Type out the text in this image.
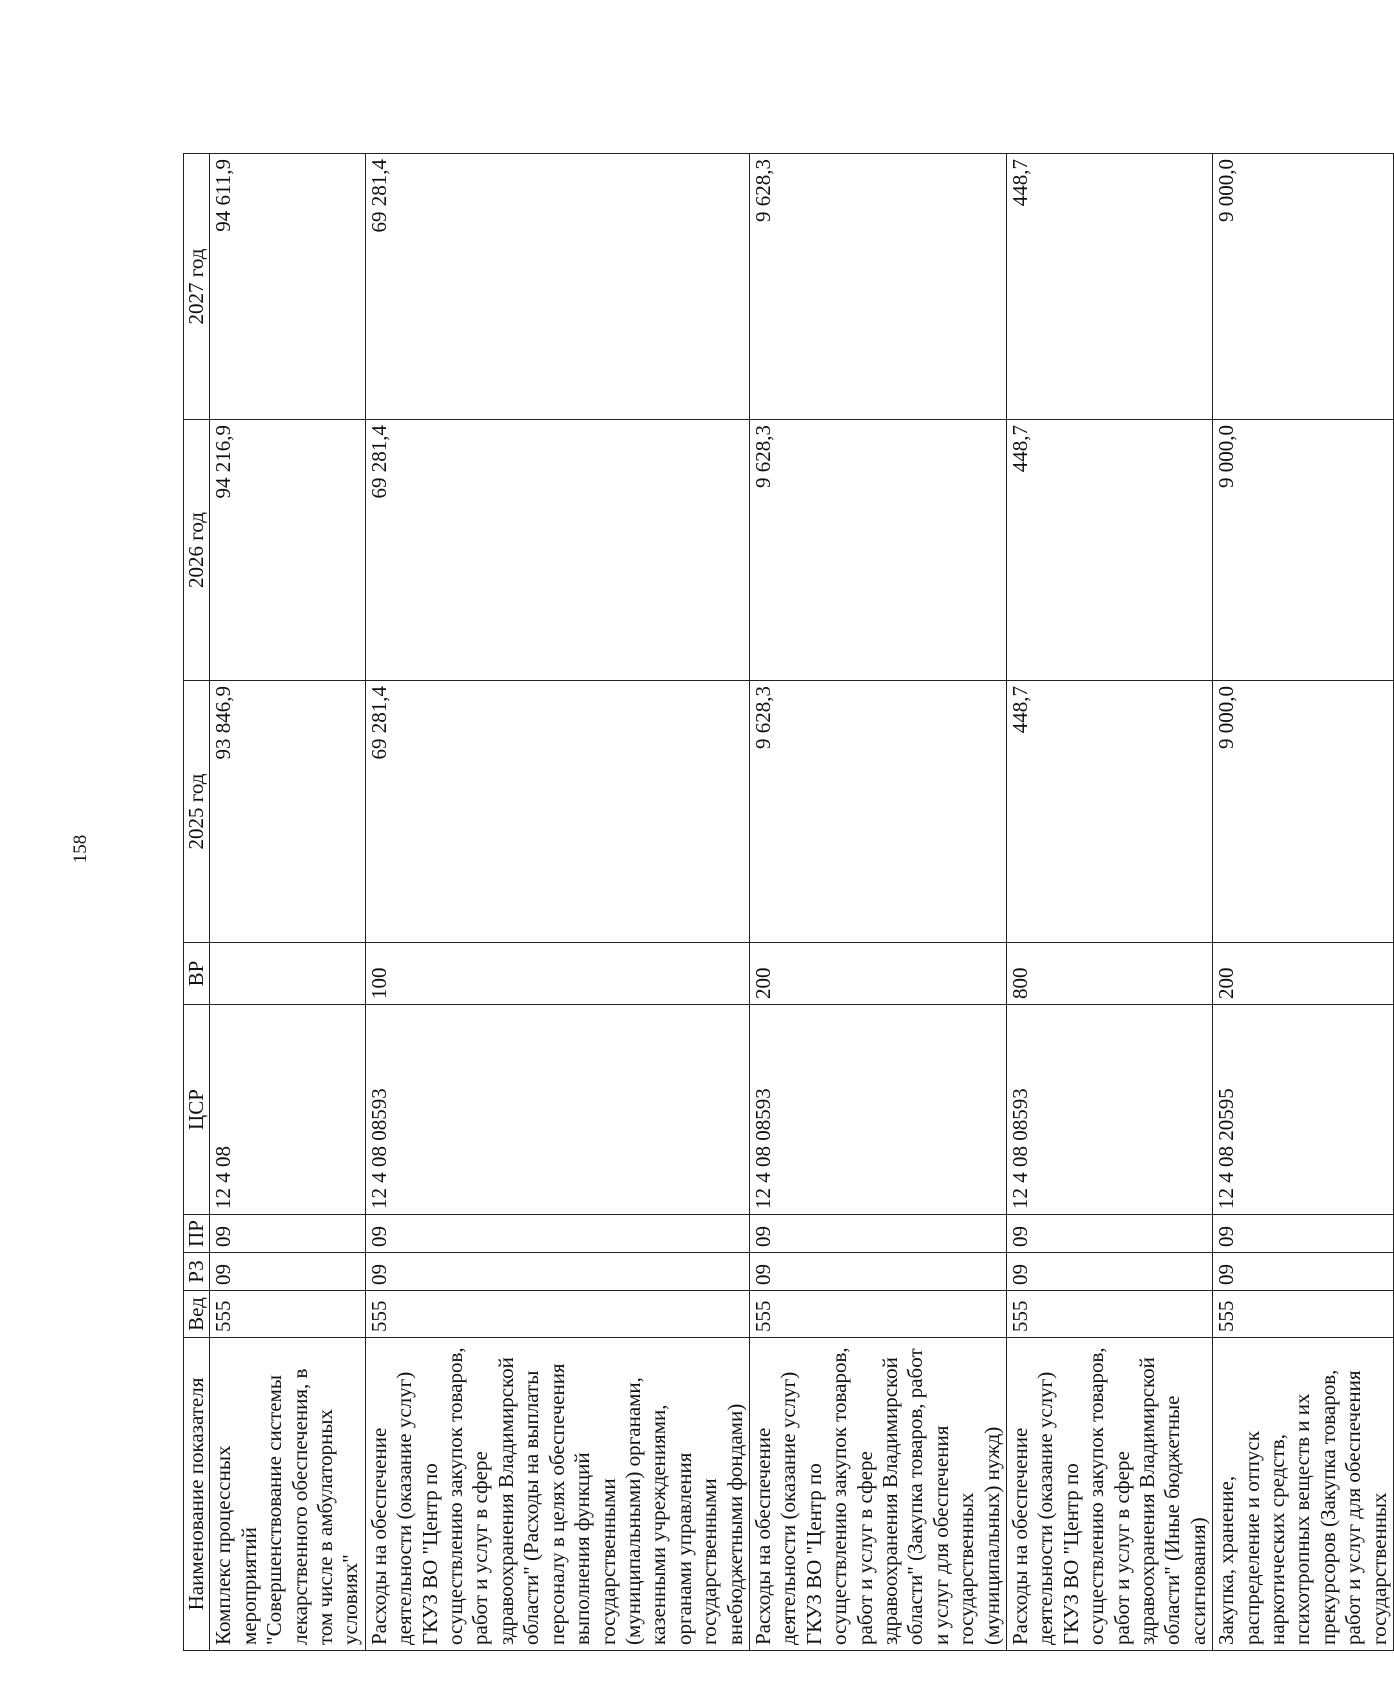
158
Наименование показателя	Вед	РЗ	ПР	ЦСР	ВР	2025 год	2026 год	2027 год
Комплекс процессных мероприятий "Совершенствование системы лекарственного обеспечения, в том числе в амбулаторных условиях"	555	09	09	12 4 08		93 846,9	94 216,9	94 611,9
Расходы на обеспечение деятельности (оказание услуг) ГКУЗ ВО "Центр по осуществлению закупок товаров, работ и услуг в сфере здравоохранения Владимирской области" (Расходы на выплаты персоналу в целях обеспечения выполнения функций государственными (муниципальными) органами, казенными учреждениями, органами управления государственными внебюджетными фондами)	555	09	09	12 4 08 08593	100	69 281,4	69 281,4	69 281,4
Расходы на обеспечение деятельности (оказание услуг) ГКУЗ ВО "Центр по осуществлению закупок товаров, работ и услуг в сфере здравоохранения Владимирской области" (Закупка товаров, работ и услуг для обеспечения государственных (муниципальных) нужд)	555	09	09	12 4 08 08593	200	9 628,3	9 628,3	9 628,3
Расходы на обеспечение деятельности (оказание услуг) ГКУЗ ВО "Центр по осуществлению закупок товаров, работ и услуг в сфере здравоохранения Владимирской области" (Иные бюджетные ассигнования)	555	09	09	12 4 08 08593	800	448,7	448,7	448,7
Закупка, хранение, распределение и отпуск наркотических средств, психотропных веществ и их прекурсоров (Закупка товаров, работ и услуг для обеспечения государственных	555	09	09	12 4 08 20595	200	9 000,0	9 000,0	9 000,0
